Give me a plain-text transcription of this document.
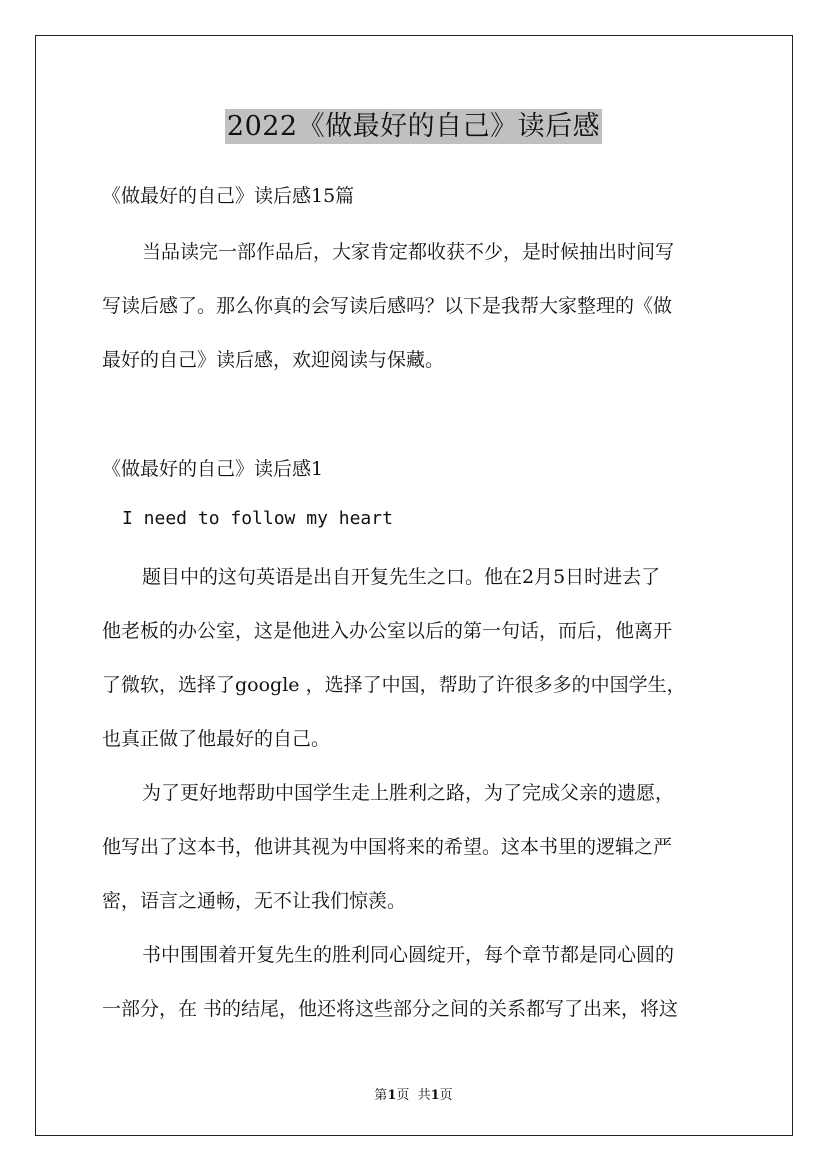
2022《做最好的自己》读后感
《做最好的自己》读后感15篇
当品读完一部作品后，大家肯定都收获不少，是时候抽出时间写
写读后感了。那么你真的会写读后感吗？以下是我帮大家整理的《做
最好的自己》读后感，欢迎阅读与保藏。
《做最好的自己》读后感1
I need to follow my heart
题目中的这句英语是出自开复先生之口。他在2月5日时进去了
他老板的办公室，这是他进入办公室以后的第一句话，而后，他离开
了微软，选择了google ，选择了中国，帮助了许很多多的中国学生，
也真正做了他最好的自己。
为了更好地帮助中国学生走上胜利之路，为了完成父亲的遗愿，
他写出了这本书，他讲其视为中国将来的希望。这本书里的逻辑之严
密，语言之通畅，无不让我们惊羡。
书中围围着开复先生的胜利同心圆绽开，每个章节都是同心圆的
一部分，在 书的结尾，他还将这些部分之间的关系都写了出来，将这
第1页  共1页
